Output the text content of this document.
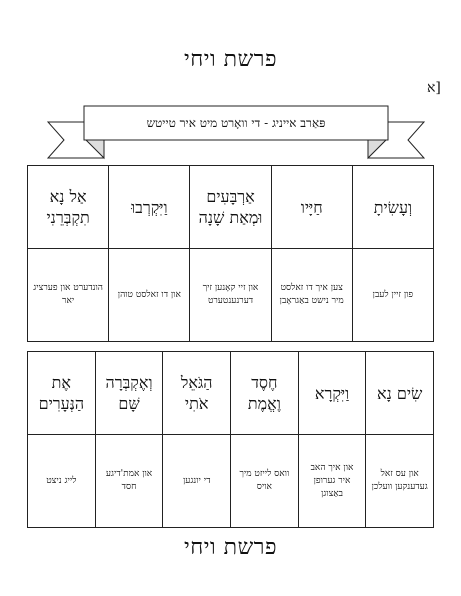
פרשת ויחי
א]
פּאַרב אייניג - די וואָרט מיט איר טייטש
וְעָשִׂיתָ	חַיָּיו	אַרְבָּעִים וּמְאַת שָׁנָה	וַיִּקְרְבוּ	אַל נָא תִקְבְּרֵנִי
פון זיין לעבן	צען איך דו זאלסט מיר נישט באַגראָבן	און זיי קאָנען זיך דערנענטערט	און דו זאלסט טוהן	הונדערט און פערציג יאר
שִׂים נָא	וַיִּקְרָא	חֶסֶד וֶאֱמֶת	הַגֹּאֵל אֹתִי	וְאֶקְבְּרָה שָּׁם	אֶת הַנְּעָרִים
און עס זאל געדענקען וועלכן	און איך האב איר גערופן באַצוגן	וואס לייזט מיך אויס	די יונגען	און אמת'דיגע חסד	לייג ניצט
פרשת ויחי
